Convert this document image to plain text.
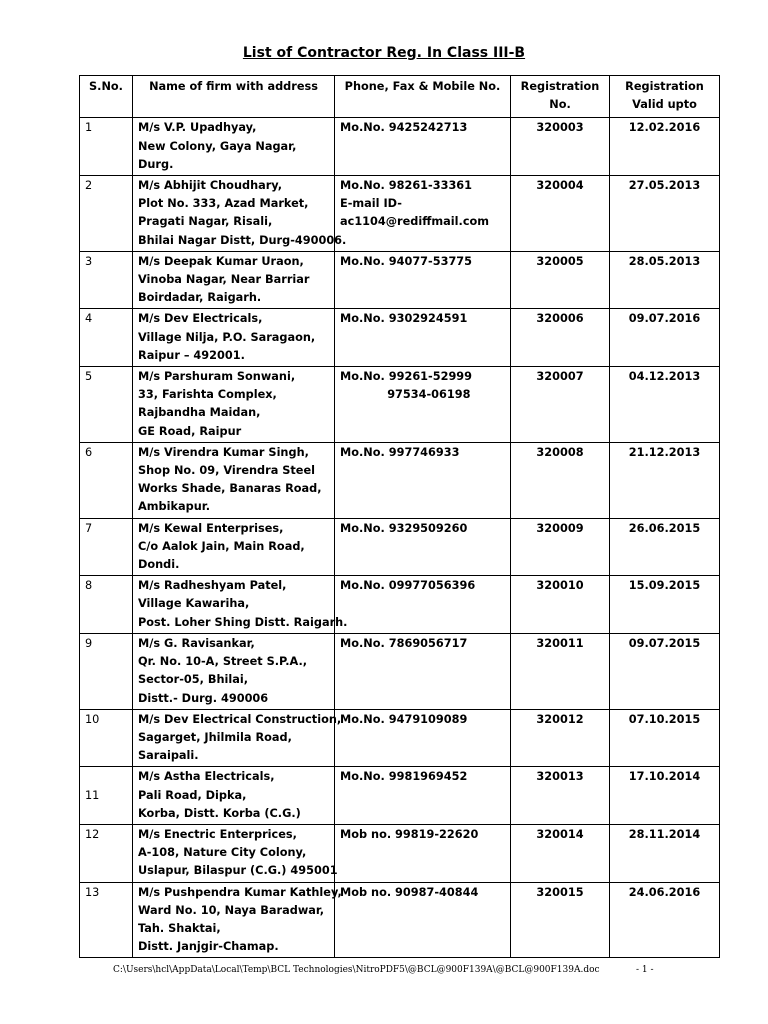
List of Contractor Reg. In Class III-B
S.No.	Name of firm with address	Phone, Fax & Mobile No.	Registration No.	Registration Valid upto
1	M/s V.P. Upadhyay,
New Colony, Gaya Nagar,
Durg.	Mo.No. 9425242713	320003	12.02.2016
2	M/s Abhijit Choudhary,
Plot No. 333, Azad Market,
Pragati Nagar, Risali,
Bhilai Nagar Distt, Durg-490006.	Mo.No. 98261-33361
E-mail ID-
ac1104@rediffmail.com	320004	27.05.2013
3	M/s Deepak Kumar Uraon,
Vinoba Nagar, Near Barriar
Boirdadar, Raigarh.	Mo.No. 94077-53775	320005	28.05.2013
4	M/s Dev Electricals,
Village Nilja, P.O. Saragaon,
Raipur – 492001.	Mo.No. 9302924591	320006	09.07.2016
5	M/s Parshuram Sonwani,
33, Farishta Complex,
Rajbandha Maidan,
GE Road, Raipur	Mo.No. 99261-52999
97534-06198	320007	04.12.2013
6	M/s Virendra Kumar Singh,
Shop No. 09, Virendra Steel
Works Shade, Banaras Road,
Ambikapur.	Mo.No. 997746933	320008	21.12.2013
7	M/s Kewal Enterprises,
C/o Aalok Jain, Main Road,
Dondi.	Mo.No. 9329509260	320009	26.06.2015
8	M/s Radheshyam Patel,
Village Kawariha,
Post. Loher Shing Distt. Raigarh.	Mo.No. 09977056396	320010	15.09.2015
9	M/s G. Ravisankar,
Qr. No. 10-A, Street S.P.A.,
Sector-05, Bhilai,
Distt.- Durg. 490006	Mo.No. 7869056717	320011	09.07.2015
10	M/s Dev Electrical Construction,
Sagarget, Jhilmila Road,
Saraipali.	Mo.No. 9479109089	320012	07.10.2015
11	M/s Astha Electricals,
Pali Road, Dipka,
Korba, Distt. Korba (C.G.)	Mo.No. 9981969452	320013	17.10.2014
12	M/s Enectric Enterprices,
A-108, Nature City Colony,
Uslapur, Bilaspur (C.G.) 495001	Mob no. 99819-22620	320014	28.11.2014
13	M/s Pushpendra Kumar Kathley,
Ward No. 10, Naya Baradwar,
Tah. Shaktai,
Distt. Janjgir-Chamap.	Mob no. 90987-40844	320015	24.06.2016
C:\Users\hcl\AppData\Local\Temp\BCL Technologies\NitroPDF5\@BCL@900F139A\@BCL@900F139A.doc	- 1 -
